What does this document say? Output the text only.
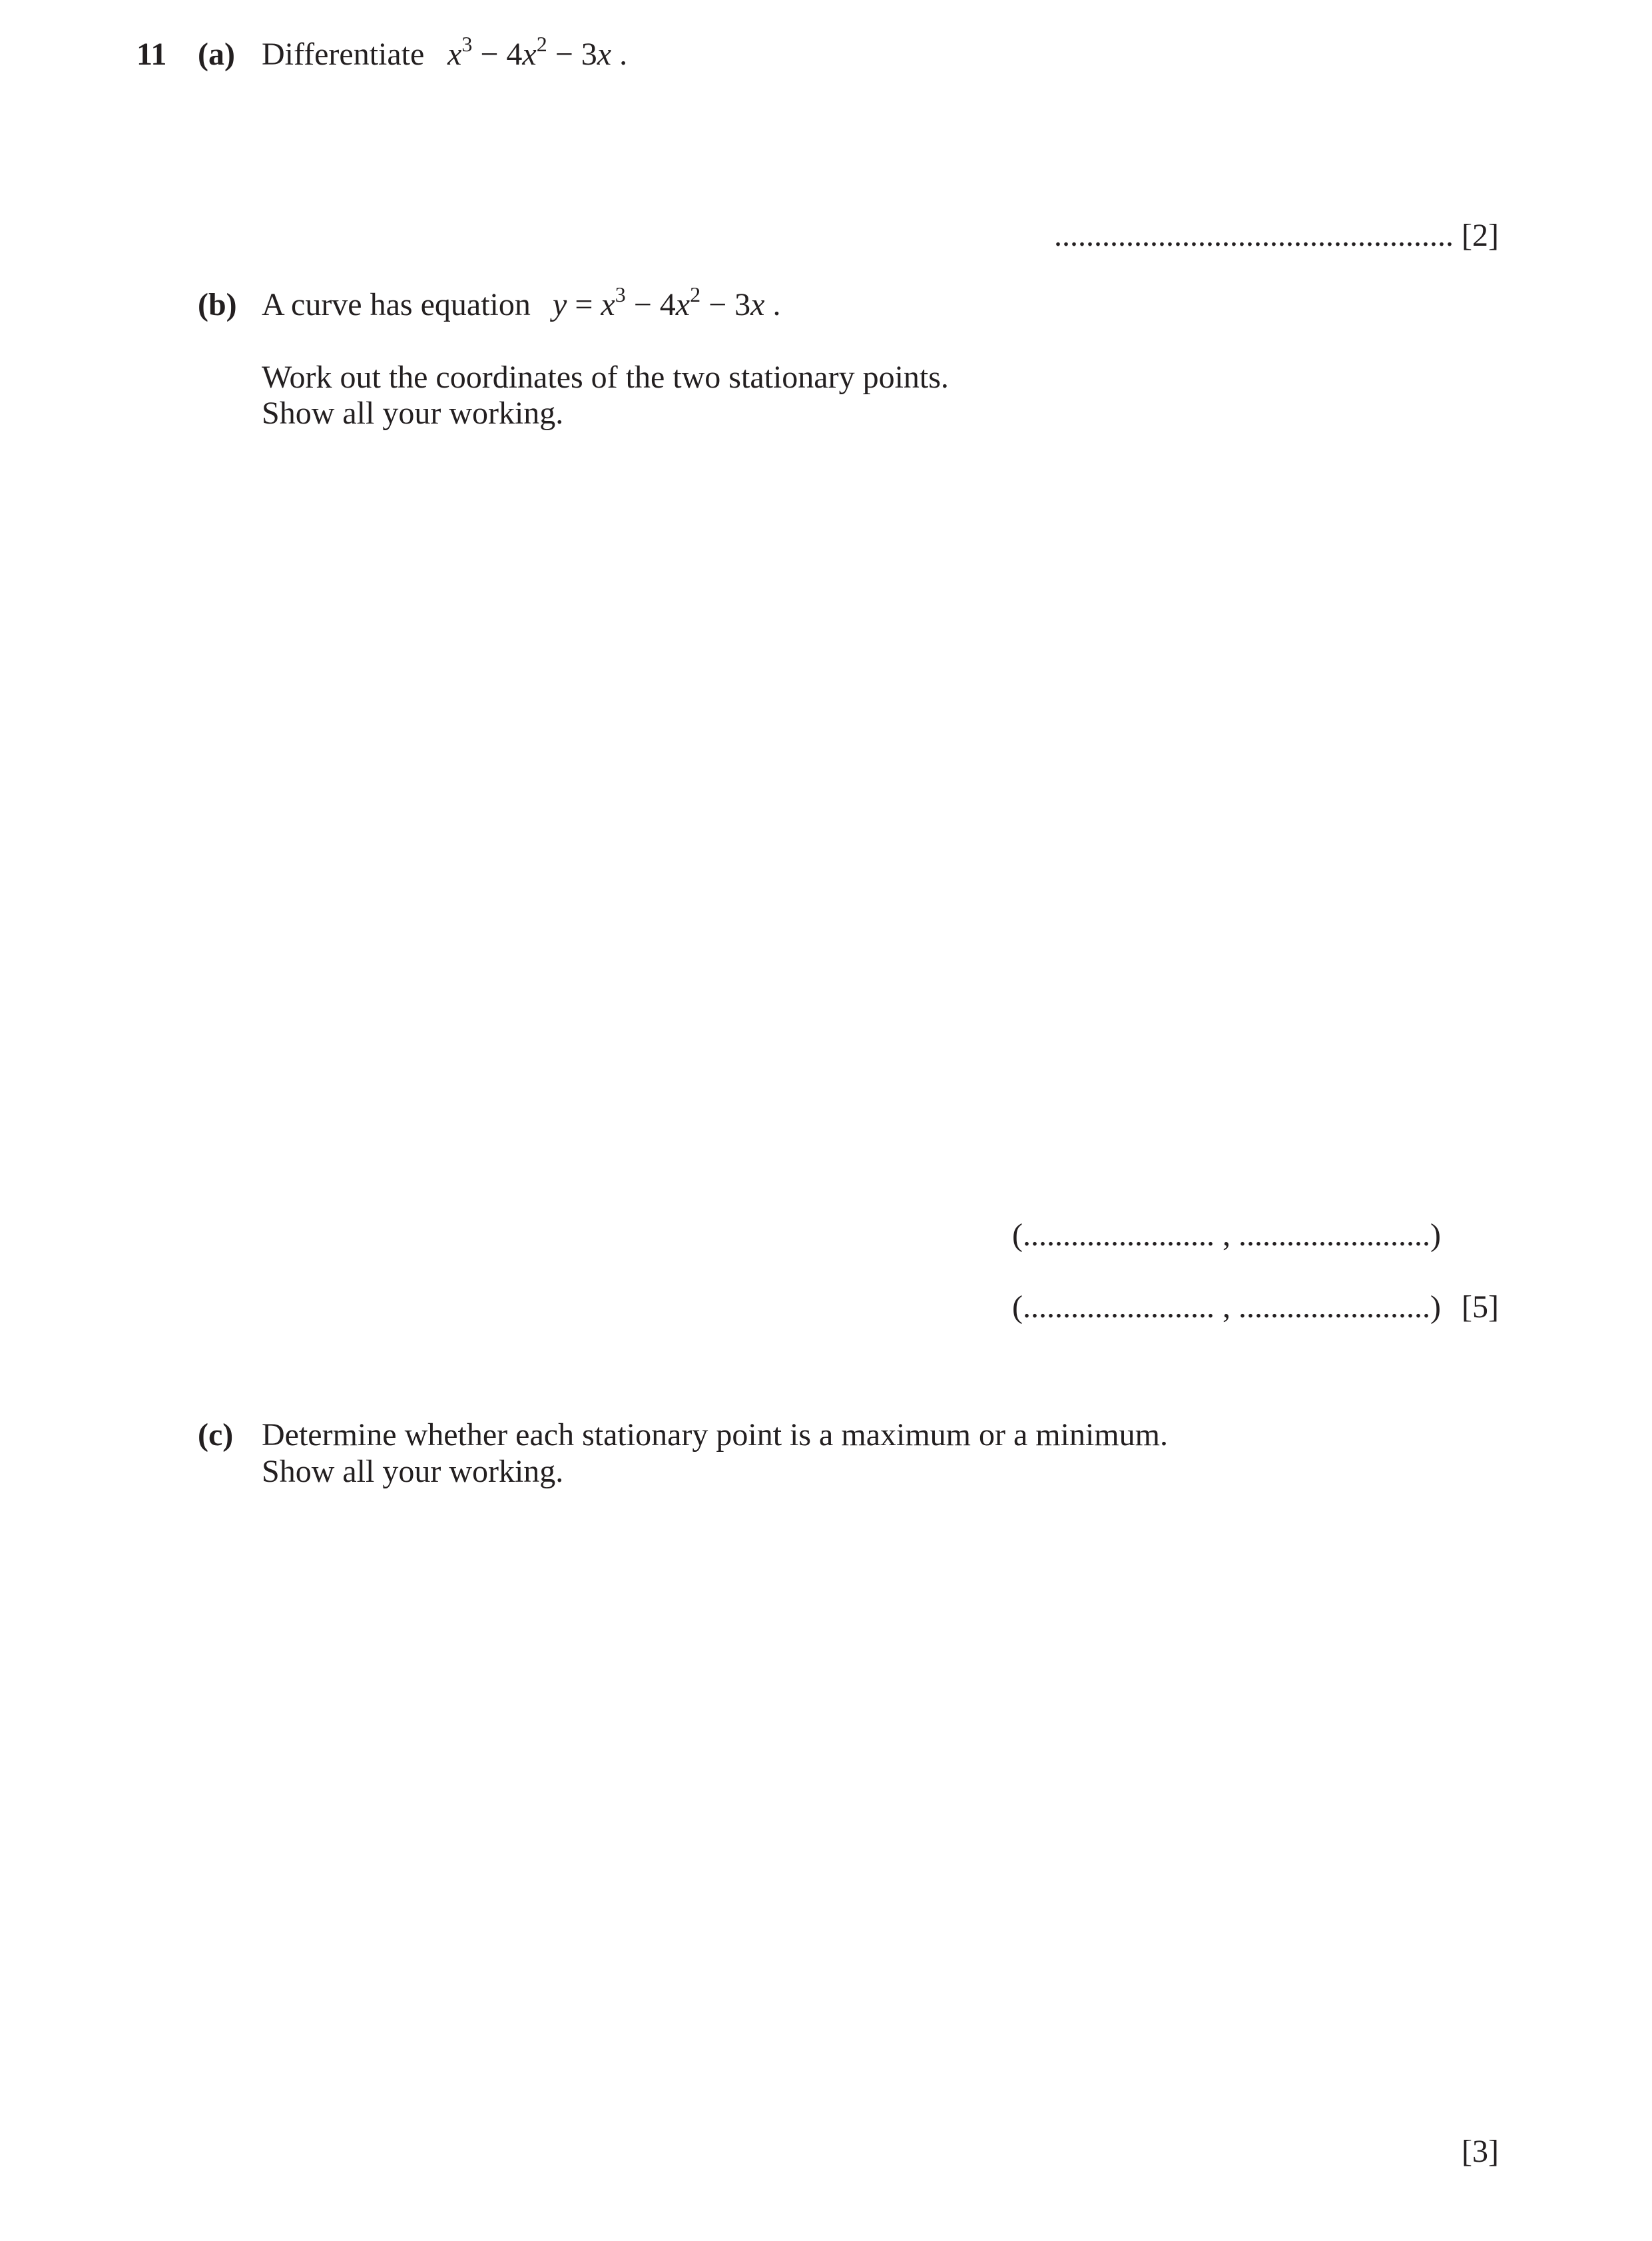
11 (a) Differentiate $x^3 - 4x^2 - 3x$ .
.................................................. [2]
(b) A curve has equation $y = x^3 - 4x^2 - 3x$ .
Work out the coordinates of the two stationary points.
Show all your working.
(........................ , ........................)
(........................ , ........................) [5]
(c) Determine whether each stationary point is a maximum or a minimum.
Show all your working.
[3]
